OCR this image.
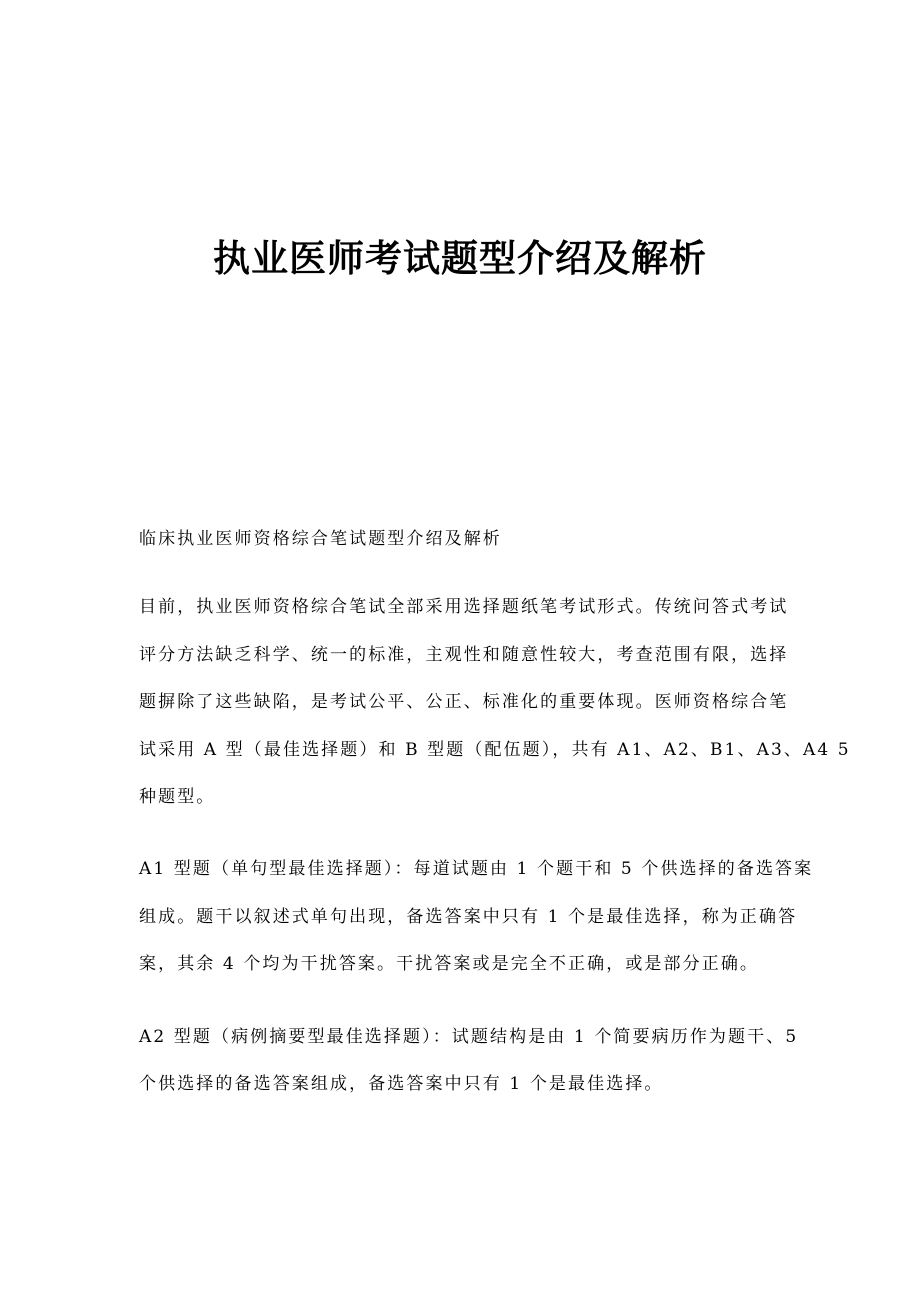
执业医师考试题型介绍及解析
临床执业医师资格综合笔试题型介绍及解析
目前，执业医师资格综合笔试全部采用选择题纸笔考试形式。传统问答式考试
评分方法缺乏科学、统一的标准，主观性和随意性较大，考查范围有限，选择
题摒除了这些缺陷，是考试公平、公正、标准化的重要体现。医师资格综合笔
试采用 A 型（最佳选择题）和 B 型题（配伍题），共有 A1、A2、B1、A3、A4 5
种题型。
A1 型题（单句型最佳选择题）：每道试题由 1 个题干和 5 个供选择的备选答案
组成。题干以叙述式单句出现，备选答案中只有 1 个是最佳选择，称为正确答
案，其余 4 个均为干扰答案。干扰答案或是完全不正确，或是部分正确。
A2 型题（病例摘要型最佳选择题）：试题结构是由 1 个简要病历作为题干、5
个供选择的备选答案组成，备选答案中只有 1 个是最佳选择。
